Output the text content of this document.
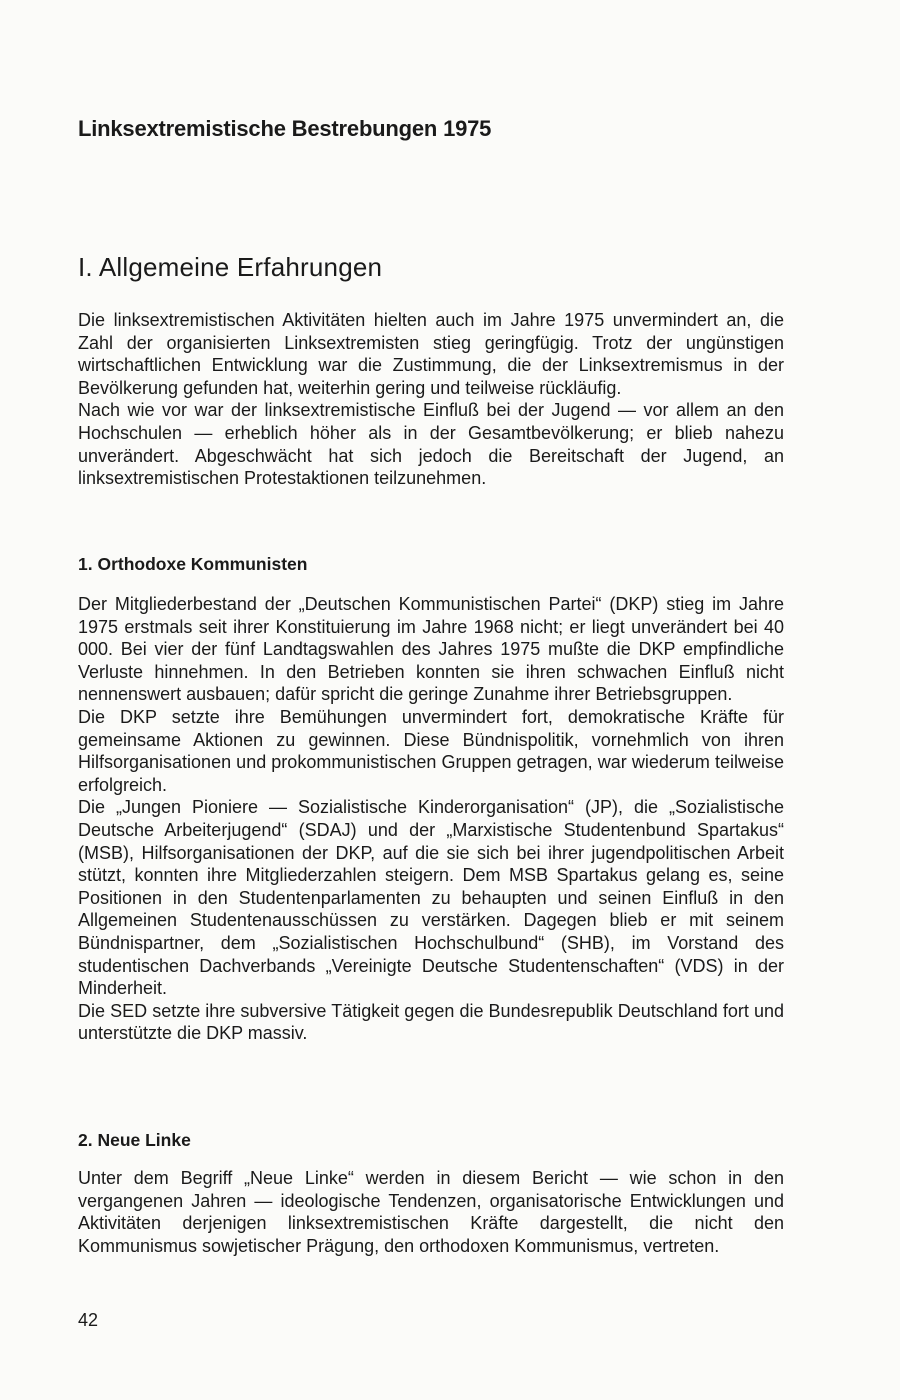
Linksextremistische Bestrebungen 1975
I. Allgemeine Erfahrungen

Die linksextremistischen Aktivitäten hielten auch im Jahre 1975 unvermindert an, die Zahl der organisierten Linksextremisten stieg geringfügig. Trotz der ungünstigen wirtschaftlichen Entwicklung war die Zustimmung, die der Linksextremismus in der Bevölkerung gefunden hat, weiterhin gering und teilweise rückläufig.

Nach wie vor war der linksextremistische Einfluß bei der Jugend — vor allem an den Hochschulen — erheblich höher als in der Gesamtbevölkerung; er blieb nahezu unverändert. Abgeschwächt hat sich jedoch die Bereitschaft der Jugend, an linksextremistischen Protestaktionen teilzunehmen.

1. Orthodoxe Kommunisten

Der Mitgliederbestand der „Deutschen Kommunistischen Partei“ (DKP) stieg im Jahre 1975 erstmals seit ihrer Konstituierung im Jahre 1968 nicht; er liegt unverändert bei 40 000. Bei vier der fünf Landtagswahlen des Jahres 1975 mußte die DKP empfindliche Verluste hinnehmen. In den Betrieben konnten sie ihren schwachen Einfluß nicht nennenswert ausbauen; dafür spricht die geringe Zunahme ihrer Betriebsgruppen.

Die DKP setzte ihre Bemühungen unvermindert fort, demokratische Kräfte für gemeinsame Aktionen zu gewinnen. Diese Bündnispolitik, vornehmlich von ihren Hilfsorganisationen und prokommunistischen Gruppen getragen, war wiederum teilweise erfolgreich.

Die „Jungen Pioniere — Sozialistische Kinderorganisation“ (JP), die „Sozialistische Deutsche Arbeiterjugend“ (SDAJ) und der „Marxistische Studentenbund Spartakus“ (MSB), Hilfsorganisationen der DKP, auf die sie sich bei ihrer jugendpolitischen Arbeit stützt, konnten ihre Mitgliederzahlen steigern. Dem MSB Spartakus gelang es, seine Positionen in den Studentenparlamenten zu behaupten und seinen Einfluß in den Allgemeinen Studentenausschüssen zu verstärken. Dagegen blieb er mit seinem Bündnispartner, dem „Sozialistischen Hochschulbund“ (SHB), im Vorstand des studentischen Dachverbands „Vereinigte Deutsche Studentenschaften“ (VDS) in der Minderheit.

Die SED setzte ihre subversive Tätigkeit gegen die Bundesrepublik Deutschland fort und unterstützte die DKP massiv.

2. Neue Linke

Unter dem Begriff „Neue Linke“ werden in diesem Bericht — wie schon in den vergangenen Jahren — ideologische Tendenzen, organisatorische Entwicklungen und Aktivitäten derjenigen linksextremistischen Kräfte dargestellt, die nicht den Kommunismus sowjetischer Prägung, den orthodoxen Kommunismus, vertreten.

42
